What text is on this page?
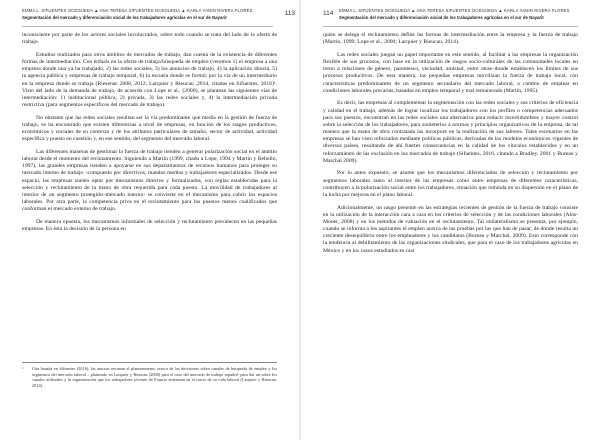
EMMA L. SIFUENTES OCEGUEDA ▲ ANA TERESA SIFUENTES OCEGUEDA ▲ KARLA YANIN RIVERA FLORES
Segmentación del mercado y diferenciación social de los trabajadores agrícolas en el sur de Nayarit
113

inconsciente por parte de los actores sociales involucrados, sobre todo cuando se trata del lado de la oferta de trabajo.

Estudios realizados para otros ámbitos de mercados de trabajo, dan cuenta de la existencia de diferentes formas de intermediación. Con énfasis en la oferta de trabajo/búsqueda de empleo (veremos 1) el empresa a una empresa donde uno ya ha trabajado, 2) las redes sociales, 3) los anuncios de trabajo, 4) la aplicación directa, 5) la agencia pública y empresas de trabajo temporal, 6) la escuela donde se formó; por la vía de un intermediario en la empresa donde se trabaja (Riesenac 2008, 2012; Larquier y Rieucau ,2014, citadas en Sifuentes, 2016)¹. Visto del lado de la demanda de trabajo, de acuerdo con Lope et al., (2000), se plantean las siguientes vías de intermediación: 1) institucional pública, 2) privada, 3) las redes sociales y, 4) la intermediación privada restrictiva (para segmentos específicos del mercado de trabajo).

No obstante que las redes sociales resultan ser la vía predominante que media en la gestión de fuerza de trabajo, se ha encontrado que existen diferencias a nivel de empresas, en función de los rasgos productivos, económicos y sociales de su contexto y de los atributos particulares de tamaño, sector de actividad, actividad específica y puesto en cuestión y, en ese sentido, del segmento del mercado laboral.

Las diferentes maneras de gestionar la fuerza de trabajo tienden a generar polarización social en el ámbito laboral desde el momento del reclutamiento. Siguiendo a Martín (1999, citado a Lope, 1994 y Martín y Rebollo, 1997), las grandes empresas tienden a apoyarse en sus departamentos de recursos humanos para proteger su mercado interno de trabajo –compuesto por directivos, mandos medios y trabajadores especializados. Desde ese espacio, las empresas suelen optar por mecanismos directos y formalizados, con reglas establecidas para la selección y reclutamiento de la mano de obra requerida para cada puesto. La movilidad de trabajadores al interior de un segmento protegido–mercado interno- se convierte en el mecanismo para cubrir los espacios laborales. Por otra parte, la competencia priva en el reclutamiento para los puestos menos cualificados que conforman el mercado externo de trabajo.

De manera opuesta, los mecanismos informales de selección y reclutamiento prevalecen en las pequeñas empresas. En ésta la decisión de la persona en

¹	Cita basada en Sifuentes (2016), las autoras retoman el planteamiento acerca de las decisiones sobre canales de búsqueda de empleo y los segmentos del mercado laboral – planteado en Larquier y Rieucau (2008) para el caso del mercado de trabajo español- para dar un sobre los canales utilizados y la segmentación que los trabajadores jóvenes de Francia enfrentan en el inicio de su vida laboral (Larquier y Rieucau, 2014).
114 EMMA L. SIFUENTES OCEGUEDA ▲ ANA TERESA SIFUENTES OCEGUEDA ▲ KARLA YANIN RIVERA FLORES
Segmentación del mercado y diferenciación social de los trabajadores agrícolas en el sur de Nayarit

quien se delega el reclutamiento define las formas de intermediación entre la empresa y la fuerza de trabajo (Martín, 1999; Lope et al., 2000; Larquier y Rieucau, 2014).

Las redes sociales juegan un papel importante en este sentido, al facilitar a las empresas la organización flexible de sus procesos, con base en la utilización de rasgos socio-culturales de las comunidades locales en torno a relaciones de género, parentesco, vecindad, amistad, entre otras–donde establecen los límites de sus procesos productivos. De esta manera, las pequeñas empresas movilizan la fuerza de trabajo local, con características predominantes de un segmento secundario del mercado laboral, a cambio de emplear en condiciones laborales precarias, basadas en empleo temporal y mal remunerado (Martín, 1995).

Es decir, las empresas al complementar la segmentación con las redes sociales y sus criterios de eficiencia y calidad en el trabajo, además de lograr localizar los trabajadores con los perfiles o competencias adecuados para sus puestos, encuentran en las redes sociales una alternativa para reducir incertidumbres y mayor control sobre la selección de los trabajadores, para someterlos a normas y principios organizativos de la empresa, de tal manera que la mano de obra contratada las incorpore en la realización de sus labores. Tales escenarios en las empresas se han visto reforzados mediante políticas públicas, derivadas de los modelos económicos vigentes de diversos países, resultando de ahí fuertes consecuencias en la calidad de los vínculos establecidos y en un reforzamiento de las exclusión en los mercados de trabajo (Sifuentes, 2016, citando a Bradley, 2001 y Bureau y Marchal 2009).

Por lo antes expuesto, se asume que los mecanismos diferenciados de selección y reclutamiento por segmentos laborales tanto al interior de las empresas como entre empresas de diferentes características, contribuyen a la polarización social entre los trabajadores, situación que redunda en su dispersión en el plano de la lucha por mejoras en el plano laboral.

Adicionalmente, un rasgo presente en las estrategias recientes de gestión de la fuerza de trabajo consiste en la utilización de la interacción cara a cara en los criterios de selección y de las condiciones laborales (Alós-Moner, 2008) y en los métodos de valuación en el reclutamiento. Tal unilateralismo se presenta, por ejemplo, cuando se informa a los aspirantes el empleo acerca de las pruebas por las que han de pasar, de donde resulta un creciente desequilibrio entre los empleadores y los candidatos (Bureau y Marchal, 2009). Esto corresponde con la tendencia al debilitamiento de las organizaciones sindicales, que para el caso de los trabajadores agrícolas en México y en los casos estudiados es casi
